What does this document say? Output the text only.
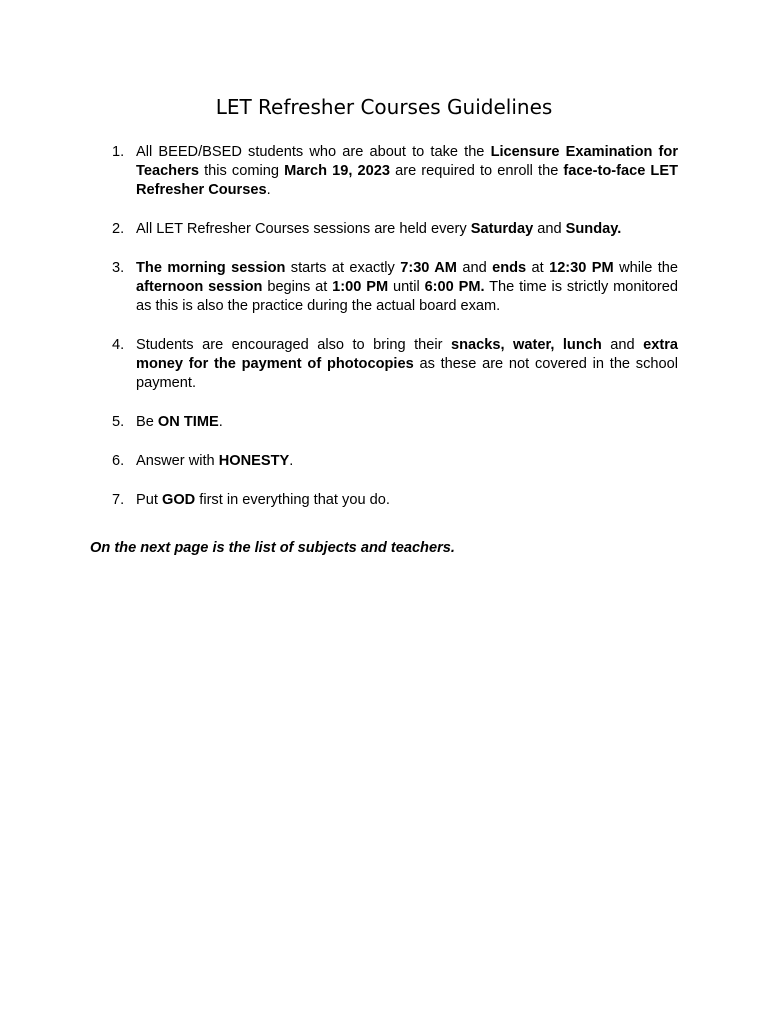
LET Refresher Courses Guidelines
1. All BEED/BSED students who are about to take the Licensure Examination for Teachers this coming March 19, 2023 are required to enroll the face-to-face LET Refresher Courses.
2. All LET Refresher Courses sessions are held every Saturday and Sunday.
3. The morning session starts at exactly 7:30 AM and ends at 12:30 PM while the afternoon session begins at 1:00 PM until 6:00 PM. The time is strictly monitored as this is also the practice during the actual board exam.
4. Students are encouraged also to bring their snacks, water, lunch and extra money for the payment of photocopies as these are not covered in the school payment.
5. Be ON TIME.
6. Answer with HONESTY.
7. Put GOD first in everything that you do.

On the next page is the list of subjects and teachers.
